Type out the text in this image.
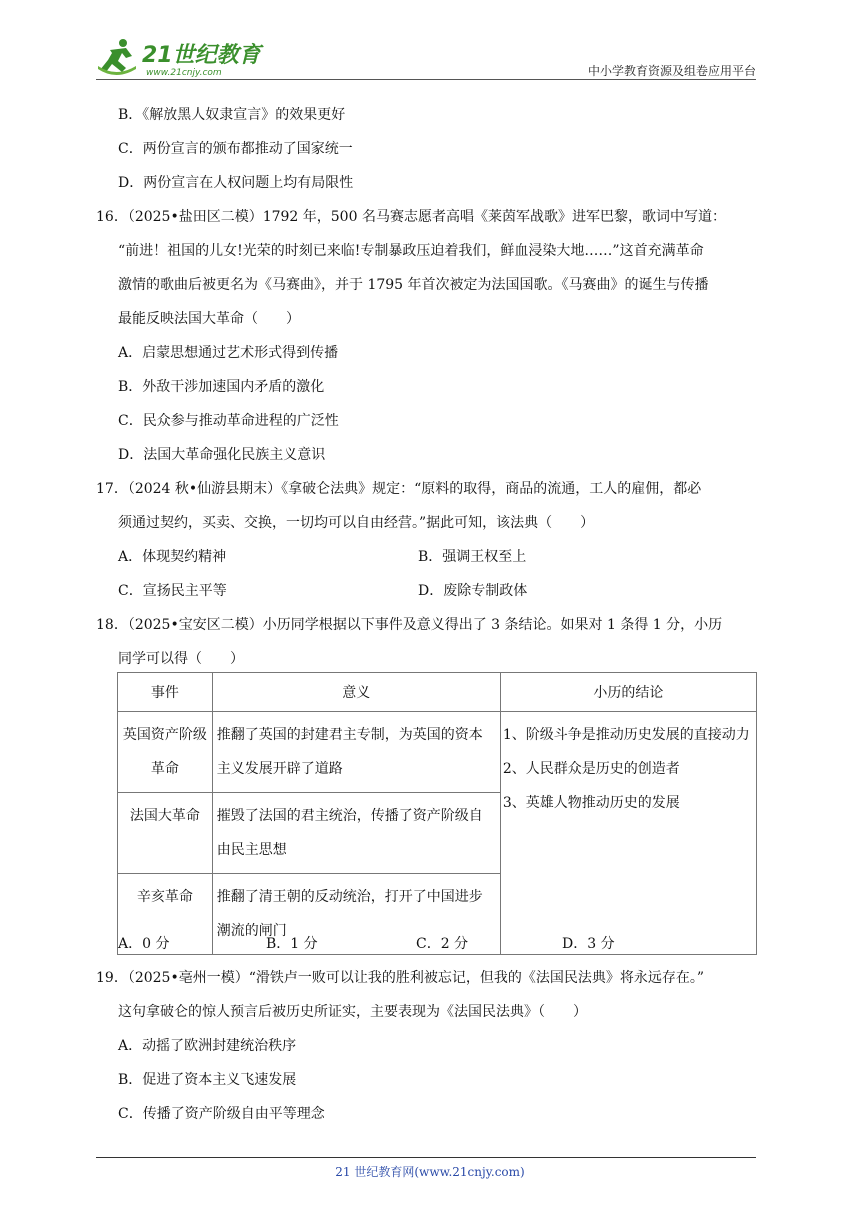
21世纪教育
www.21cnjy.com	中小学教育资源及组卷应用平台
B．《解放黑人奴隶宣言》的效果更好
C．两份宣言的颁布都推动了国家统一
D．两份宣言在人权问题上均有局限性
16．（2025•盐田区二模）1792 年，500 名马赛志愿者高唱《莱茵军战歌》进军巴黎，歌词中写道：
“前进！祖国的儿女!光荣的时刻已来临!专制暴政压迫着我们，鲜血浸染大地……”这首充满革命
激情的歌曲后被更名为《马赛曲》，并于 1795 年首次被定为法国国歌。《马赛曲》的诞生与传播
最能反映法国大革命（　　）
A．启蒙思想通过艺术形式得到传播
B．外敌干涉加速国内矛盾的激化
C．民众参与推动革命进程的广泛性
D．法国大革命强化民族主义意识
17．（2024 秋•仙游县期末）《拿破仑法典》规定：“原料的取得，商品的流通，工人的雇佣，都必
须通过契约，买卖、交换，一切均可以自由经营。”据此可知，该法典（　　）
A．体现契约精神	B．强调王权至上
C．宣扬民主平等	D．废除专制政体
18．（2025•宝安区二模）小历同学根据以下事件及意义得出了 3 条结论。如果对 1 条得 1 分，小历
同学可以得（　　）
事件	意义	小历的结论

英国资产阶级革命	推翻了英国的封建君主专制，为英国的资本主义发展开辟了道路	1、阶级斗争是推动历史发展的直接动力
2、人民群众是历史的创造者
3、英雄人物推动历史的发展

法国大革命	摧毁了法国的君主统治，传播了资产阶级自由民主思想	

辛亥革命	推翻了清王朝的反动统治，打开了中国进步潮流的闸门	
A．0 分	B．1 分	C．2 分	D．3 分
19．（2025•亳州一模）“滑铁卢一败可以让我的胜利被忘记，但我的《法国民法典》将永远存在。”
这句拿破仑的惊人预言后被历史所证实，主要表现为《法国民法典》（　　）
A．动摇了欧洲封建统治秩序
B．促进了资本主义飞速发展
C．传播了资产阶级自由平等理念
21 世纪教育网(www.21cnjy.com)
